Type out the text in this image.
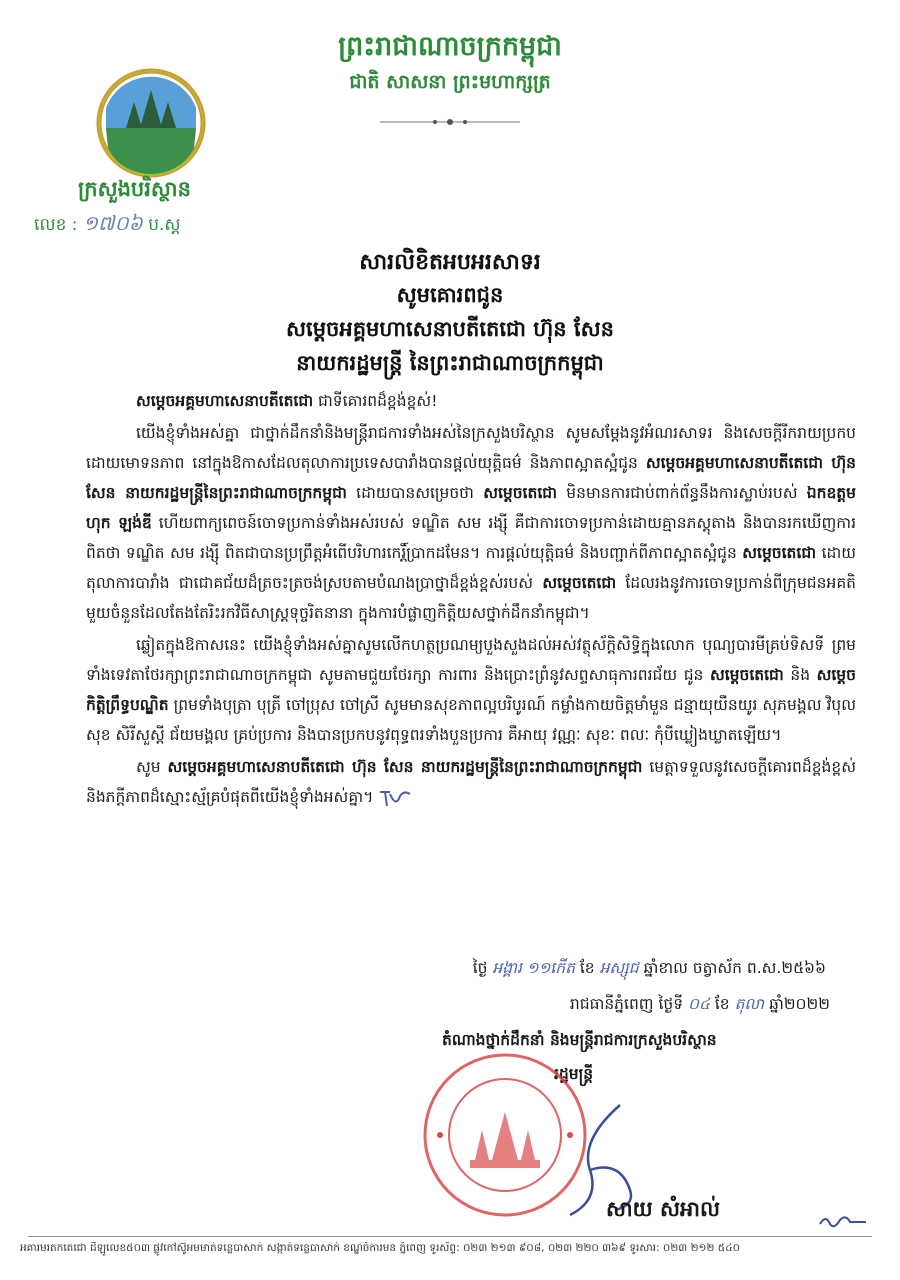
ព្រះរាជាណាចក្រកម្ពុជា
ជាតិ សាសនា ព្រះមហាក្សត្រ
ក្រសួងបរិស្ថាន
លេខ : ១៧០៦ ប.ស្ត
សារលិខិតអបអរសាទរ
សូមគោរពជូន
សម្តេចអគ្គមហាសេនាបតីតេជោ ហ៊ុន សែន
នាយករដ្ឋមន្ត្រី នៃព្រះរាជាណាចក្រកម្ពុជា

សម្តេចអគ្គមហាសេនាបតីតេជោ ជាទីគោរពដ៏ខ្ពង់ខ្ពស់!

យើងខ្ញុំទាំងអស់គ្នា ជាថ្នាក់ដឹកនាំនិងមន្ត្រីរាជការទាំងអស់នៃក្រសួងបរិស្ថាន សូមសម្តែងនូវអំណរសាទរ និងសេចក្តីរីករាយប្រកបដោយមោទនភាព នៅក្នុងឱកាសដែលតុលាការប្រទេសបារាំងបានផ្តល់យុត្តិធម៌ និងភាពស្អាតស្អំជូន សម្តេចអគ្គមហាសេនាបតីតេជោ ហ៊ុន សែន នាយករដ្ឋមន្ត្រីនៃព្រះរាជាណាចក្រកម្ពុជា ដោយបានសម្រេចថា សម្តេចតេជោ មិនមានការជាប់ពាក់ព័ន្ធនឹងការស្លាប់របស់ ឯកឧត្តម ហុក ឡង់ឌី ហើយពាក្យពេចន៍ចោទប្រកាន់ទាំងអស់របស់ ទណ្ឌិត សម រង្ស៊ី គឺជាការចោទប្រកាន់ដោយគ្មានភស្តុតាង និងបានរកឃើញការពិតថា ទណ្ឌិត សម រង្ស៊ី ពិតជាបានប្រព្រឹត្តអំពើបរិហារកេរ្តិ៍ប្រាកដមែន។ ការផ្តល់យុត្តិធម៌ និងបញ្ជាក់ពីភាពស្អាតស្អំជូន សម្តេចតេជោ ដោយតុលាការបារាំង ជាជោគជ័យដ៏ត្រចះត្រចង់ស្របតាមបំណងប្រាថ្នាដ៏ខ្ពង់ខ្ពស់របស់ សម្តេចតេជោ ដែលរងនូវការចោទប្រកាន់ពីក្រុមជនអគតិមួយចំនួនដែលតែងតែរិះរកវិធីសាស្ត្រទុច្ចរិតនានា ក្នុងការបំផ្លាញកិត្តិយសថ្នាក់ដឹកនាំកម្ពុជា។

ឆ្លៀតក្នុងឱកាសនេះ យើងខ្ញុំទាំងអស់គ្នាសូមលើកហត្ថប្រណម្យបួងសួងដល់អស់វត្ថុស័ក្តិសិទ្ធិក្នុងលោក បុណ្យបារមីគ្រប់ទិសទី ព្រមទាំងទេវតាថែរក្សាព្រះរាជាណាចក្រកម្ពុជា សូមតាមជួយថែរក្សា ការពារ និងប្រោះព្រំនូវសព្ទសាធុការពរជ័យ ជូន សម្តេចតេជោ និង សម្តេចកិត្តិព្រឹទ្ធបណ្ឌិត ព្រមទាំងបុត្រា បុត្រី ចៅប្រុស ចៅស្រី សូមមានសុខភាពល្អបរិបូរណ៍ កម្លាំងកាយចិត្តមាំមួន ជន្មាយុយឺនយូរ សុភមង្គល វិបុលសុខ សិរីសួស្តី ជ័យមង្គល គ្រប់ប្រការ និងបានប្រកបនូវពុទ្ធពរទាំងបួនប្រការ គឺអាយុ វណ្ណៈ សុខៈ ពលៈ កុំបីឃ្លៀងឃ្លាតឡើយ។

សូម សម្តេចអគ្គមហាសេនាបតីតេជោ ហ៊ុន សែន នាយករដ្ឋមន្ត្រីនៃព្រះរាជាណាចក្រកម្ពុជា មេត្តាទទួលនូវសេចក្តីគោរពដ៏ខ្ពង់ខ្ពស់ និងភក្តីភាពដ៏ស្មោះស្ម័គ្របំផុតពីយើងខ្ញុំទាំងអស់គ្នា។

ថ្ងៃ អង្គារ ១១កើត ខែ អស្សុជ ឆ្នាំខាល ចត្វាស័ក ព.ស.២៥៦៦
រាជធានីភ្នំពេញ ថ្ងៃទី ០៤ ខែ តុលា ឆ្នាំ២០២២
តំណាងថ្នាក់ដឹកនាំ និងមន្ត្រីរាជការក្រសួងបរិស្ថាន
រដ្ឋមន្ត្រី
សាយ សំអាល់
អគារមរតកតេជោ ដីឡូលេខ៥០៣ ផ្លូវកៅស៊ូអមមាត់ទន្លេបាសាក់ សង្កាត់ទន្លេបាសាក់ ខណ្ឌចំការមន ភ្នំពេញ ទូរស័ព្ទ: ០២៣ ២១៣ ៩០៨, ០២៣ ២២០ ៣៦៩ ទូរសារ: ០២៣ ២១២ ៥៤០
